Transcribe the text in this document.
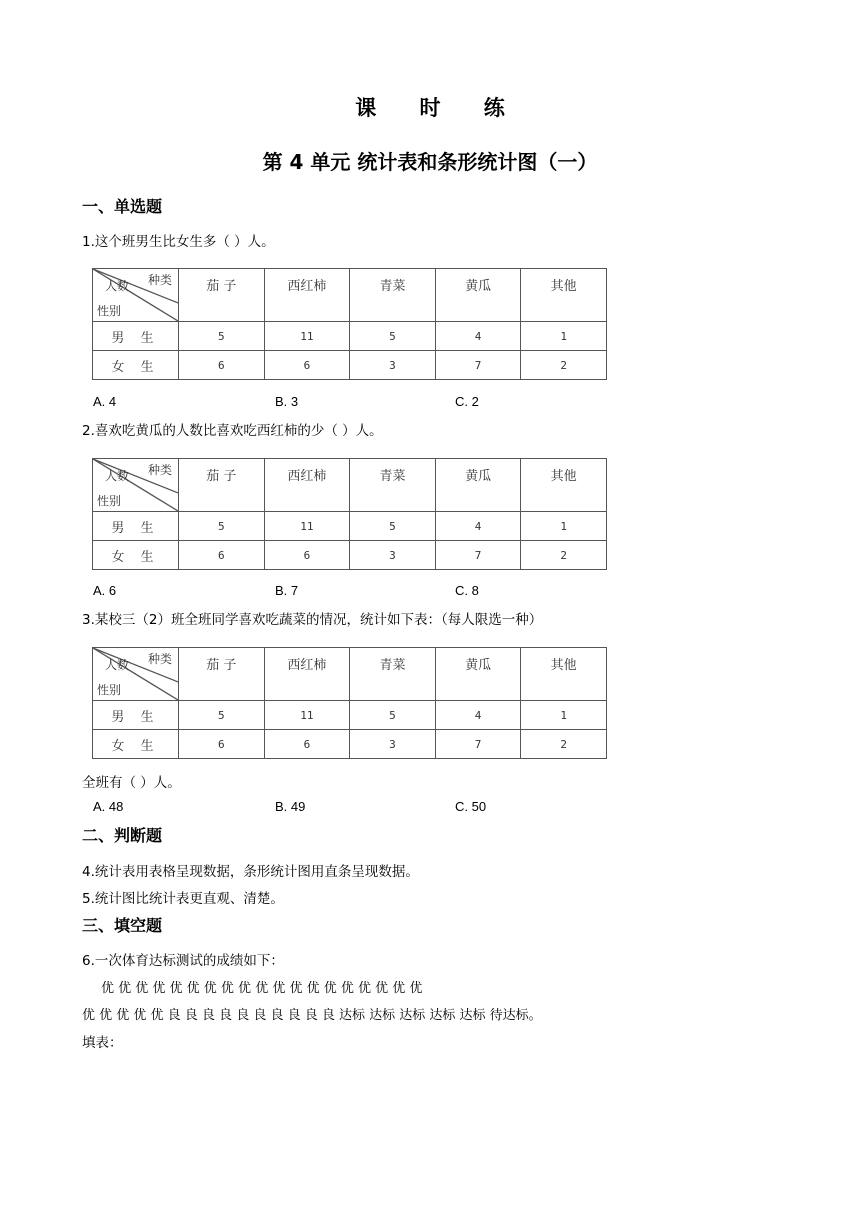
课 时 练
第 4 单元 统计表和条形统计图（一）
一、单选题
1.这个班男生比女生多（ ）人。
种类
人数
性别	茄 子	西红柿	青菜	黄瓜	其他
男 生	5	11	5	4	1
女 生	6	6	3	7	2
A. 4	B. 3	C. 2
2.喜欢吃黄瓜的人数比喜欢吃西红柿的少（ ）人。
种类
人数
性别	茄 子	西红柿	青菜	黄瓜	其他
男 生	5	11	5	4	1
女 生	6	6	3	7	2
A. 6	B. 7	C. 8
3.某校三（2）班全班同学喜欢吃蔬菜的情况，统计如下表：（每人限选一种）
种类
人数
性别	茄 子	西红柿	青菜	黄瓜	其他
男 生	5	11	5	4	1
女 生	6	6	3	7	2
全班有（ ）人。
A. 48	B. 49	C. 50
二、判断题
4.统计表用表格呈现数据，条形统计图用直条呈现数据。
5.统计图比统计表更直观、清楚。
三、填空题
6.一次体育达标测试的成绩如下：
优 优 优 优 优 优 优 优 优 优 优 优 优 优 优 优 优 优 优
优 优 优 优 优 良 良 良 良 良 良 良 良 良 良 达标 达标 达标 达标 达标 待达标。
填表：
